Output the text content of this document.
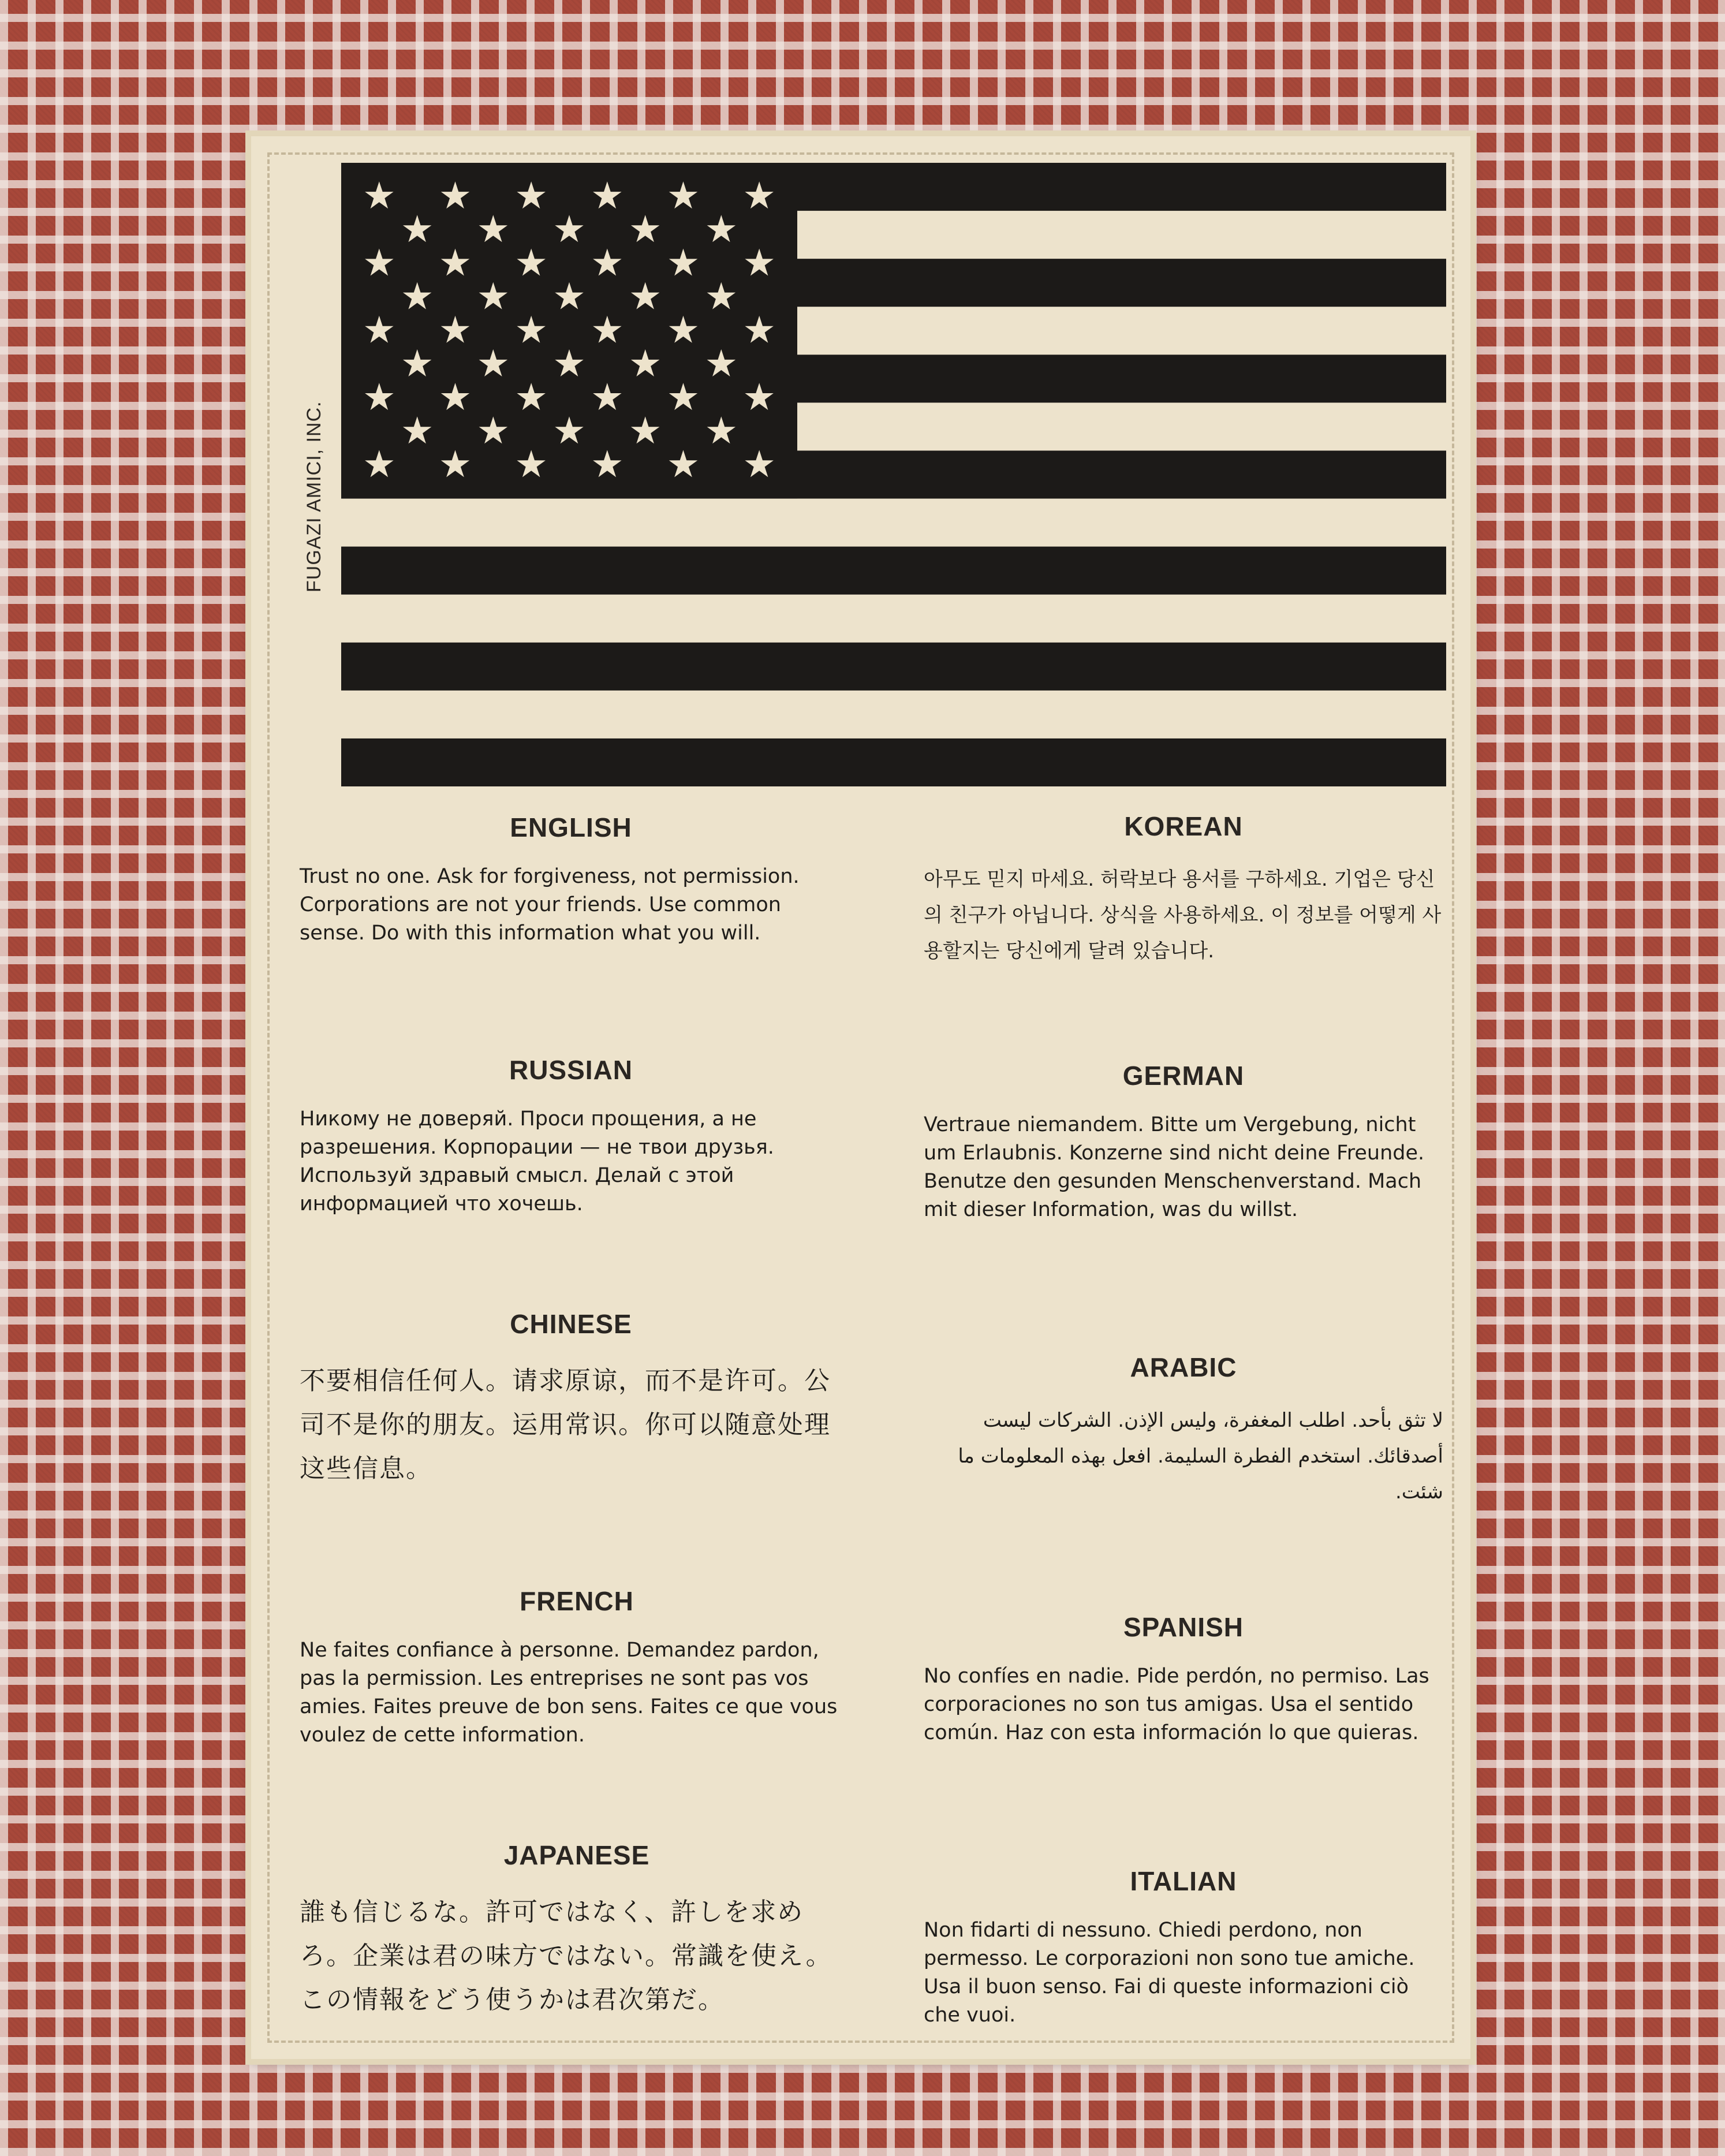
FUGAZI AMICI, INC.
ENGLISH

Trust no one. Ask for forgiveness, not permission. Corporations are not your friends. Use common sense. Do with this information what you will.

RUSSIAN

Никому не доверяй. Проси прощения, а не разрешения. Корпорации — не твои друзья. Используй здравый смысл. Делай с этой информацией что хочешь.

CHINESE

不要相信任何人。请求原谅，而不是许可。公司不是你的朋友。运用常识。你可以随意处理这些信息。

FRENCH

Ne faites confiance à personne. Demandez pardon, pas la permission. Les entreprises ne sont pas vos amies. Faites preuve de bon sens. Faites ce que vous voulez de cette information.

JAPANESE

誰も信じるな。許可ではなく、許しを求めろ。企業は君の味方ではない。常識を使え。この情報をどう使うかは君次第だ。

KOREAN

아무도 믿지 마세요. 허락보다 용서를 구하세요. 기업은 당신의 친구가 아닙니다. 상식을 사용하세요. 이 정보를 어떻게 사용할지는 당신에게 달려 있습니다.

GERMAN

Vertraue niemandem. Bitte um Vergebung, nicht um Erlaubnis. Konzerne sind nicht deine Freunde. Benutze den gesunden Menschenverstand. Mach mit dieser Information, was du willst.

ARABIC

لا تثق بأحد. اطلب المغفرة، وليس الإذن. الشركات ليست أصدقائك. استخدم الفطرة السليمة. افعل بهذه المعلومات ما شئت.

SPANISH

No confíes en nadie. Pide perdón, no permiso. Las corporaciones no son tus amigas. Usa el sentido común. Haz con esta información lo que quieras.

ITALIAN

Non fidarti di nessuno. Chiedi perdono, non permesso. Le corporazioni non sono tue amiche. Usa il buon senso. Fai di queste informazioni ciò che vuoi.
